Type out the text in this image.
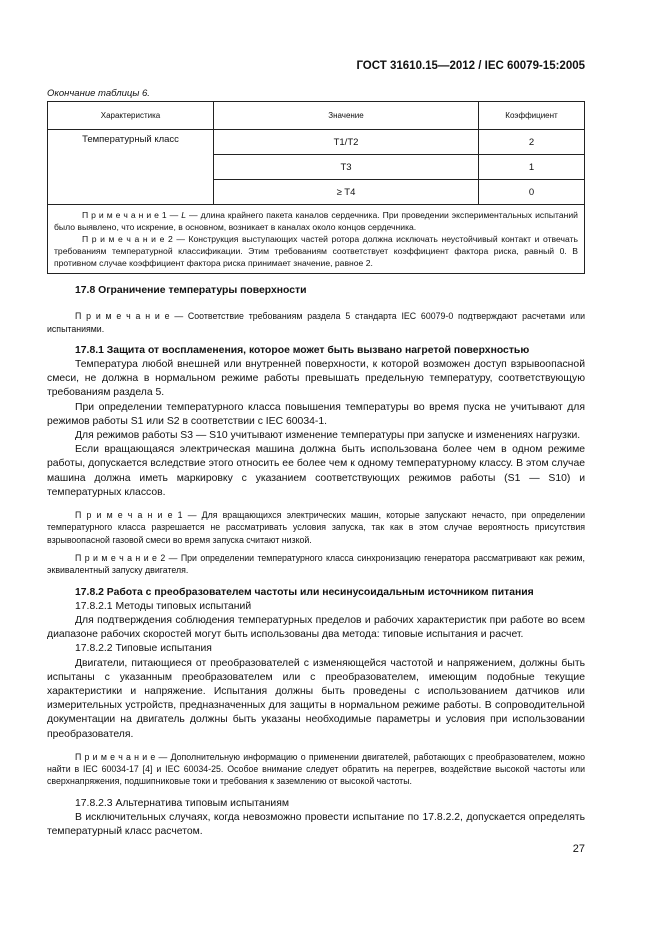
ГОСТ 31610.15—2012 / IEC 60079-15:2005
Окончание таблицы 6.
Характеристика	Значение	Коэффициент
Температурный класс	T1/T2	2
	T3	1
	≥ T4	0

П р и м е ч а н и е 1 — L — длина крайнего пакета каналов сердечника. При проведении экспериментальных испытаний было выявлено, что искрение, в основном, возникает в каналах около концов сердечника.
П р и м е ч а н и е 2 — Конструкция выступающих частей ротора должна исключать неустойчивый контакт и отвечать требованиям температурной классификации. Этим требованиям соответствует коэффициент фактора риска, равный 0. В противном случае коэффициент фактора риска принимает значение, равное 2.		

17.8 Ограничение температуры поверхности

П р и м е ч а н и е — Соответствие требованиям раздела 5 стандарта IEC 60079-0 подтверждают расчетами или испытаниями.

17.8.1 Защита от воспламенения, которое может быть вызвано нагретой поверхностью

Температура любой внешней или внутренней поверхности, к которой возможен доступ взрывоопасной смеси, не должна в нормальном режиме работы превышать предельную температуру, соответствующую требованиям раздела 5.

При определении температурного класса повышения температуры во время пуска не учитывают для режимов работы S1 или S2 в соответствии с IEC 60034-1.

Для режимов работы S3 — S10 учитывают изменение температуры при запуске и изменениях нагрузки.

Если вращающаяся электрическая машина должна быть использована более чем в одном режиме работы, допускается вследствие этого относить ее более чем к одному температурному классу. В этом случае машина должна иметь маркировку с указанием соответствующих режимов работы (S1 — S10) и температурных классов.

П р и м е ч а н и е 1 — Для вращающихся электрических машин, которые запускают нечасто, при определении температурного класса разрешается не рассматривать условия запуска, так как в этом случае вероятность присутствия взрывоопасной газовой смеси во время запуска считают низкой.

П р и м е ч а н и е 2 — При определении температурного класса синхронизацию генератора рассматривают как режим, эквивалентный запуску двигателя.

17.8.2 Работа с преобразователем частоты или несинусоидальным источником питания

17.8.2.1 Методы типовых испытаний

Для подтверждения соблюдения температурных пределов и рабочих характеристик при работе во всем диапазоне рабочих скоростей могут быть использованы два метода: типовые испытания и расчет.

17.8.2.2 Типовые испытания

Двигатели, питающиеся от преобразователей с изменяющейся частотой и напряжением, должны быть испытаны с указанным преобразователем или с преобразователем, имеющим подобные текущие характеристики и напряжение. Испытания должны быть проведены с использованием датчиков или измерительных устройств, предназначенных для защиты в нормальном режиме работы. В сопроводительной документации на двигатель должны быть указаны необходимые параметры и условия при использовании преобразователя.

П р и м е ч а н и е — Дополнительную информацию о применении двигателей, работающих с преобразователем, можно найти в IEC 60034-17 [4] и IEC 60034-25. Особое внимание следует обратить на перегрев, воздействие высокой частоты или сверхнапряжения, подшипниковые токи и требования к заземлению от высокой частоты.

17.8.2.3 Альтернатива типовым испытаниям

В исключительных случаях, когда невозможно провести испытание по 17.8.2.2, допускается определять температурный класс расчетом.

27
